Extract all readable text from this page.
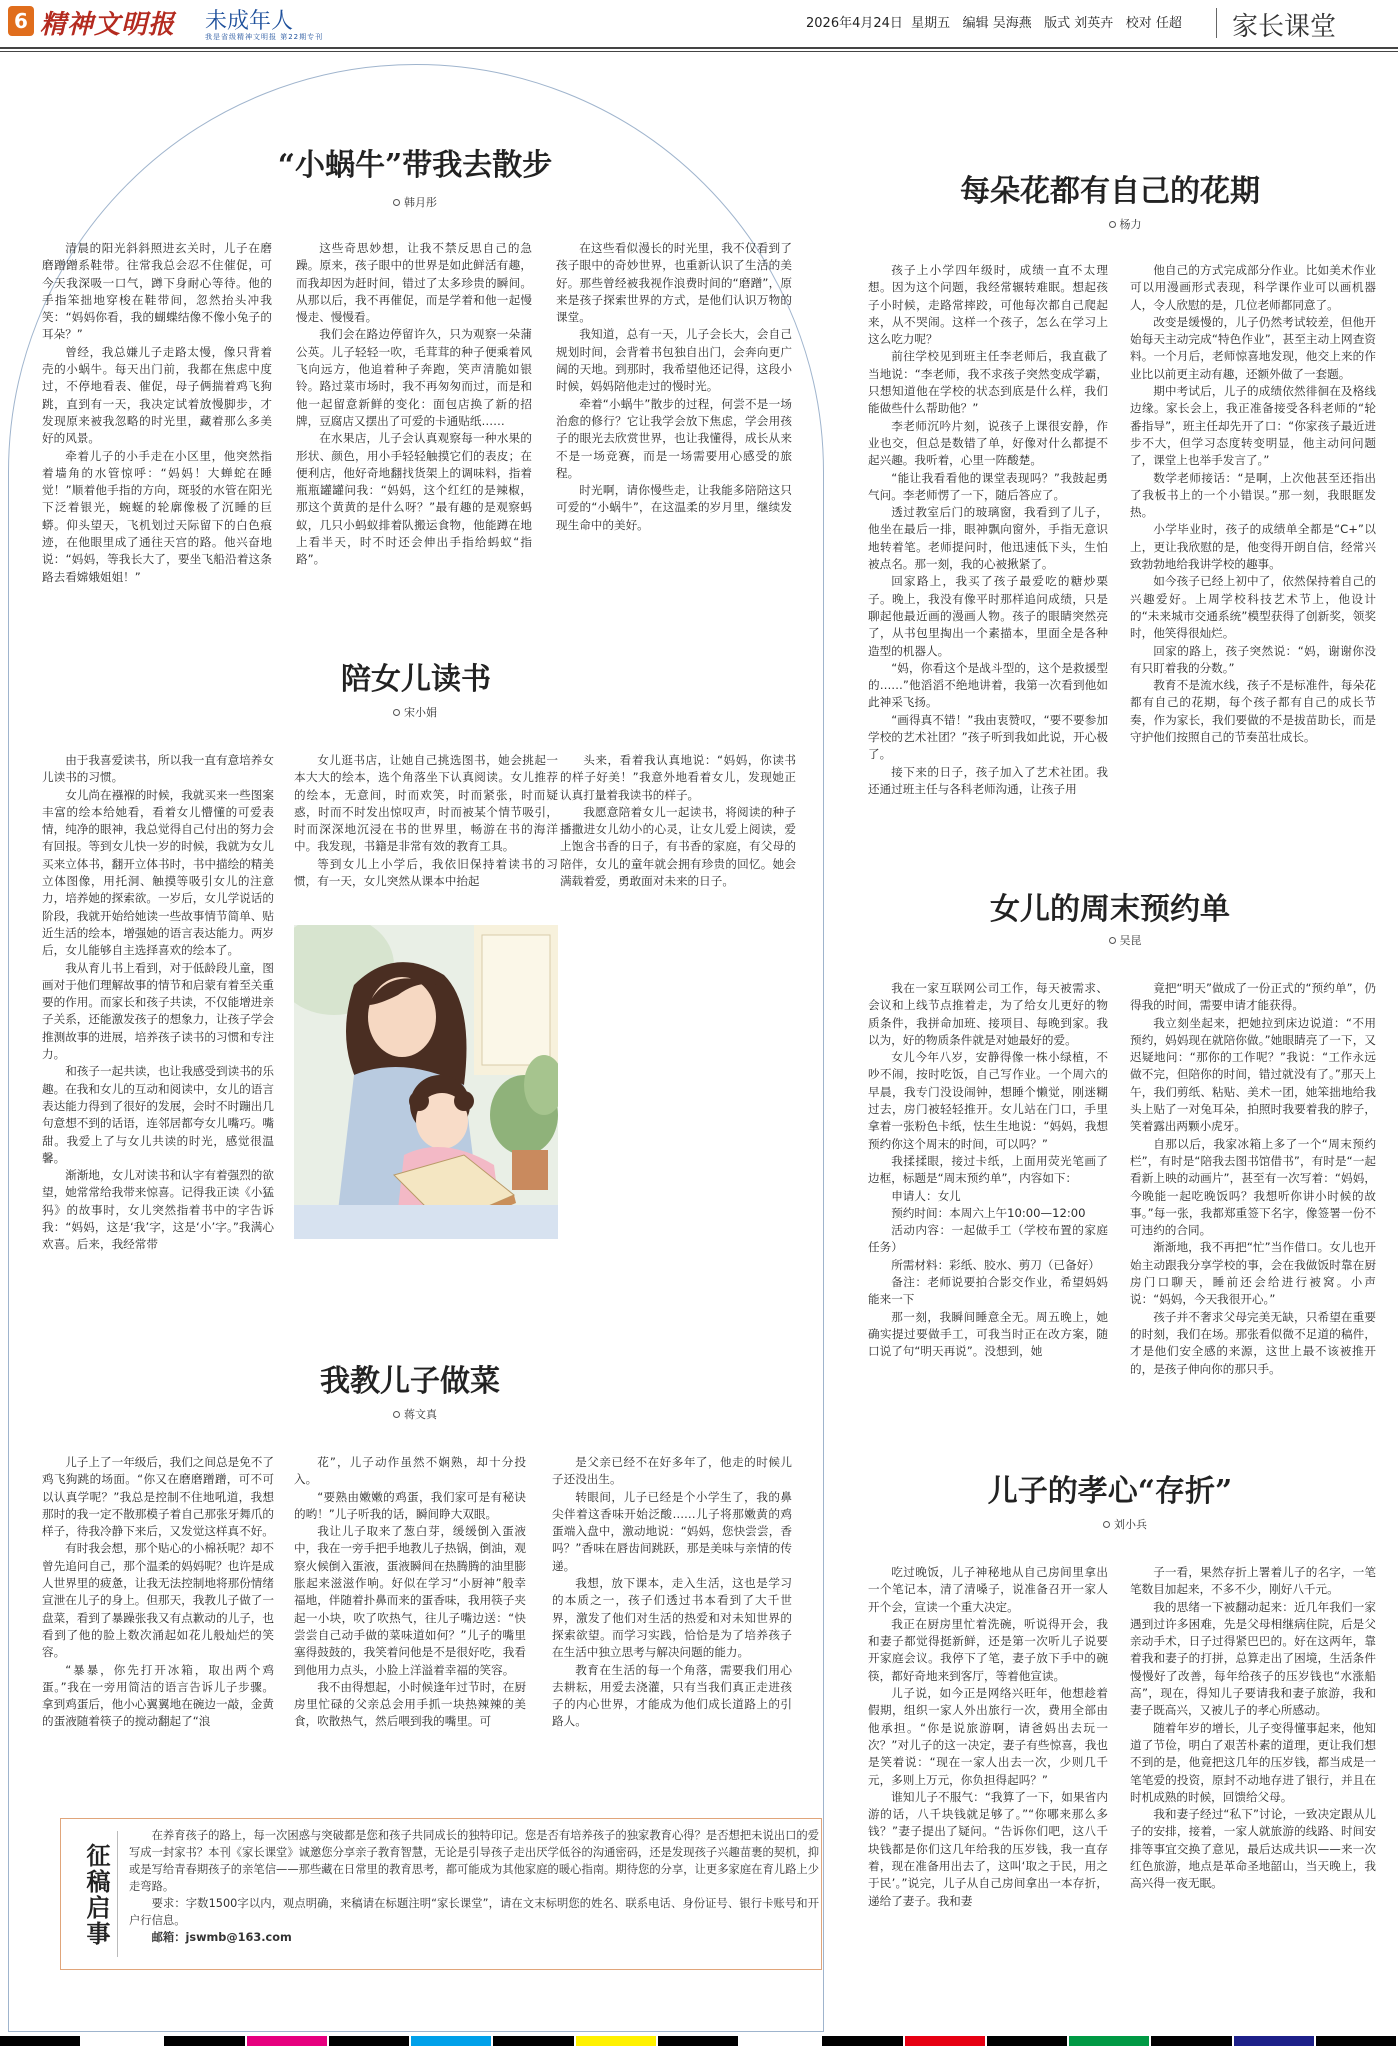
6 精神文明报 未成年人
我是省级精神文明报 第22期专刊
2026年4月24日 星期五 编辑 吴海燕 版式 刘英卉 校对 任超 家长课堂
“小蜗牛”带我去散步
韩月彤

清晨的阳光斜斜照进玄关时，儿子在磨磨蹭蹭系鞋带。往常我总会忍不住催促，可今天我深吸一口气，蹲下身耐心等待。他的手指笨拙地穿梭在鞋带间，忽然抬头冲我笑：“妈妈你看，我的蝴蝶结像不像小兔子的耳朵？”

曾经，我总嫌儿子走路太慢，像只背着壳的小蜗牛。每天出门前，我都在焦虑中度过，不停地看表、催促，母子俩揣着鸡飞狗跳，直到有一天，我决定试着放慢脚步，才发现原来被我忽略的时光里，藏着那么多美好的风景。

牵着儿子的小手走在小区里，他突然指着墙角的水管惊呼：“妈妈！大蝉蛇在睡觉！”顺着他手指的方向，斑驳的水管在阳光下泛着银光，蜿蜒的轮廓像极了沉睡的巨蟒。仰头望天，飞机划过天际留下的白色痕迹，在他眼里成了通往天宫的路。他兴奋地说：“妈妈，等我长大了，要坐飞船沿着这条路去看嫦娥姐姐！”

这些奇思妙想，让我不禁反思自己的急躁。原来，孩子眼中的世界是如此鲜活有趣，而我却因为赶时间，错过了太多珍贵的瞬间。从那以后，我不再催促，而是学着和他一起慢慢走、慢慢看。

我们会在路边停留许久，只为观察一朵蒲公英。儿子轻轻一吹，毛茸茸的种子便乘着风飞向远方，他追着种子奔跑，笑声清脆如银铃。路过菜市场时，我不再匆匆而过，而是和他一起留意新鲜的变化：面包店换了新的招牌，豆腐店又摆出了可爱的卡通贴纸……

在水果店，儿子会认真观察每一种水果的形状、颜色，用小手轻轻触摸它们的表皮；在便利店，他好奇地翻找货架上的调味料，指着瓶瓶罐罐问我：“妈妈，这个红红的是辣椒，那这个黄黄的是什么呀？”最有趣的是观察蚂蚁，几只小蚂蚁排着队搬运食物，他能蹲在地上看半天，时不时还会伸出手指给蚂蚁“指路”。

在这些看似漫长的时光里，我不仅看到了孩子眼中的奇妙世界，也重新认识了生活的美好。那些曾经被我视作浪费时间的“磨蹭”，原来是孩子探索世界的方式，是他们认识万物的课堂。

我知道，总有一天，儿子会长大，会自己规划时间，会背着书包独自出门，会奔向更广阔的天地。到那时，我希望他还记得，这段小时候，妈妈陪他走过的慢时光。

牵着“小蜗牛”散步的过程，何尝不是一场治愈的修行？它让我学会放下焦虑，学会用孩子的眼光去欣赏世界，也让我懂得，成长从来不是一场竞赛，而是一场需要用心感受的旅程。

时光啊，请你慢些走，让我能多陪陪这只可爱的“小蜗牛”，在这温柔的岁月里，继续发现生命中的美好。

陪女儿读书
宋小娟

由于我喜爱读书，所以我一直有意培养女儿读书的习惯。

女儿尚在襁褓的时候，我就买来一些图案丰富的绘本给她看，看着女儿懵懂的可爱表情，纯净的眼神，我总觉得自己付出的努力会有回报。等到女儿快一岁的时候，我就为女儿买来立体书，翻开立体书时，书中描绘的精美立体图像，用托洞、触摸等吸引女儿的注意力，培养她的探索欲。一岁后，女儿学说话的阶段，我就开始给她读一些故事情节简单、贴近生活的绘本，增强她的语言表达能力。两岁后，女儿能够自主选择喜欢的绘本了。

我从育儿书上看到，对于低龄段儿童，图画对于他们理解故事的情节和启蒙有着至关重要的作用。而家长和孩子共读，不仅能增进亲子关系，还能激发孩子的想象力，让孩子学会推测故事的进展，培养孩子读书的习惯和专注力。

和孩子一起共读，也让我感受到读书的乐趣。在我和女儿的互动和阅读中，女儿的语言表达能力得到了很好的发展，会时不时蹦出几句意想不到的话语，连邻居都夸女儿嘴巧。嘴甜。我爱上了与女儿共读的时光，感觉很温馨。

渐渐地，女儿对读书和认字有着强烈的欲望，她常常给我带来惊喜。记得我正读《小猛犸》的故事时，女儿突然指着书中的字告诉我：“妈妈，这是‘我’字，这是‘小’字。”我满心欢喜。后来，我经常带

女儿逛书店，让她自己挑选图书，她会挑起一本大大的绘本，选个角落坐下认真阅读。女儿推荐的绘本，无意间，时而欢笑，时而紧张，时而疑惑，时而不时发出惊叹声，时而被某个情节吸引，时而深深地沉浸在书的世界里，畅游在书的海洋中。我发现，书籍是非常有效的教育工具。

等到女儿上小学后，我依旧保持着读书的习惯，有一天，女儿突然从课本中抬起

头来，看着我认真地说：“妈妈，你读书的样子好美！”我意外地看着女儿，发现她正认真打量着我读书的样子。

我愿意陪着女儿一起读书，将阅读的种子播撒进女儿幼小的心灵，让女儿爱上阅读，爱上饱含书香的日子，有书香的家庭，有父母的陪伴，女儿的童年就会拥有珍贵的回忆。她会满载着爱，勇敢面对未来的日子。

我教儿子做菜
蒋文真

儿子上了一年级后，我们之间总是免不了鸡飞狗跳的场面。“你又在磨磨蹭蹭，可不可以认真学呢？”我总是控制不住地吼道，我想那时的我一定不散那模子着自己那张牙舞爪的样子，待我冷静下来后，又发觉这样真不好。

有时我会想，那个贴心的小棉袄呢？却不曾先追问自己，那个温柔的妈妈呢？也许是成人世界里的疲惫，让我无法控制地将那份情绪宣泄在儿子的身上。但那天，我教儿子做了一盘菜，看到了暴躁张我又有点歉动的儿子，也看到了他的脸上数次涌起如花儿般灿烂的笑容。

“暴暴，你先打开冰箱，取出两个鸡蛋。”我在一旁用简洁的语言告诉儿子步骤。拿到鸡蛋后，他小心翼翼地在碗边一敲，金黄的蛋液随着筷子的搅动翻起了“浪

花”，儿子动作虽然不娴熟，却十分投入。

“要熟由嫩嫩的鸡蛋，我们家可是有秘诀的哟！”儿子听我的话，瞬间睁大双眼。

我让儿子取来了葱白芽，缓缓倒入蛋液中，我在一旁手把手地教儿子热锅，倒油，观察火候倒入蛋液，蛋液瞬间在热腾腾的油里膨胀起来滋滋作响。好似在学习“小厨神”般幸福地，伴随着扑鼻而来的蛋香味，我用筷子夹起一小块，吹了吹热气，往儿子嘴边送：“快尝尝自己动手做的菜味道如何？”儿子的嘴里塞得鼓鼓的，我笑着问他是不是很好吃，我看到他用力点头，小脸上洋溢着幸福的笑容。

我不由得想起，小时候逢年过节时，在厨房里忙碌的父亲总会用手抓一块热辣辣的美食，吹散热气，然后喂到我的嘴里。可

是父亲已经不在好多年了，他走的时候儿子还没出生。

转眼间，儿子已经是个小学生了，我的鼻尖伴着这香味开始泛酸……儿子将那嫩黄的鸡蛋端入盘中，激动地说：“妈妈，您快尝尝，香吗？”香味在唇齿间跳跃，那是美味与亲情的传递。

我想，放下课本，走入生活，这也是学习的本质之一，孩子们透过书本看到了大千世界，激发了他们对生活的热爱和对未知世界的探索欲望。而学习实践，恰恰是为了培养孩子在生活中独立思考与解决问题的能力。

教育在生活的每一个角落，需要我们用心去耕耘，用爱去浇灌，只有当我们真正走进孩子的内心世界，才能成为他们成长道路上的引路人。

征稿启事

在养育孩子的路上，每一次困惑与突破都是您和孩子共同成长的独特印记。您是否有培养孩子的独家教育心得？是否想把未说出口的爱写成一封家书？本刊《家长课堂》诚邀您分享亲子教育智慧，无论是引导孩子走出厌学低谷的沟通密码，还是发现孩子兴趣苗裹的契机，抑或是写给青春期孩子的亲笔信——那些藏在日常里的教育思考，都可能成为其他家庭的暖心指南。期待您的分享，让更多家庭在育儿路上少走弯路。

要求：字数1500字以内，观点明确，来稿请在标题注明“家长课堂”，请在文末标明您的姓名、联系电话、身份证号、银行卡账号和开户行信息。

邮箱：jswmb@163.com

每朵花都有自己的花期
杨力

孩子上小学四年级时，成绩一直不太理想。因为这个问题，我经常辗转难眠。想起孩子小时候，走路常摔跤，可他每次都自己爬起来，从不哭闹。这样一个孩子，怎么在学习上这么吃力呢？

前往学校见到班主任李老师后，我直截了当地说：“李老师，我不求孩子突然变成学霸，只想知道他在学校的状态到底是什么样，我们能做些什么帮助他？”

李老师沉吟片刻，说孩子上课很安静，作业也交，但总是数错了单，好像对什么都提不起兴趣。我听着，心里一阵酸楚。

“能让我看看他的课堂表现吗？”我鼓起勇气问。李老师愣了一下，随后答应了。

透过教室后门的玻璃窗，我看到了儿子，他坐在最后一排，眼神飘向窗外，手指无意识地转着笔。老师提问时，他迅速低下头，生怕被点名。那一刻，我的心被揪紧了。

回家路上，我买了孩子最爱吃的糖炒栗子。晚上，我没有像平时那样追问成绩，只是聊起他最近画的漫画人物。孩子的眼睛突然亮了，从书包里掏出一个素描本，里面全是各种造型的机器人。

“妈，你看这个是战斗型的，这个是救援型的……”他滔滔不绝地讲着，我第一次看到他如此神采飞扬。

“画得真不错！”我由衷赞叹，“要不要参加学校的艺术社团？”孩子听到我如此说，开心极了。

接下来的日子，孩子加入了艺术社团。我还通过班主任与各科老师沟通，让孩子用

他自己的方式完成部分作业。比如美术作业可以用漫画形式表现，科学课作业可以画机器人，令人欣慰的是，几位老师都同意了。

改变是缓慢的，儿子仍然考试较差，但他开始每天主动完成“特色作业”，甚至主动上网查资料。一个月后，老师惊喜地发现，他交上来的作业比以前更主动有趣，还额外做了一套题。

期中考试后，儿子的成绩依然徘徊在及格线边缘。家长会上，我正准备接受各科老师的“轮番指导”，班主任却先开了口：“你家孩子最近进步不大，但学习态度转变明显，他主动问问题了，课堂上也举手发言了。”

数学老师接话：“是啊，上次他甚至还指出了我板书上的一个小错误。”那一刻，我眼眶发热。

小学毕业时，孩子的成绩单全都是“C+”以上，更让我欣慰的是，他变得开朗自信，经常兴致勃勃地给我讲学校的趣事。

如今孩子已经上初中了，依然保持着自己的兴趣爱好。上周学校科技艺术节上，他设计的“未来城市交通系统”模型获得了创新奖，领奖时，他笑得很灿烂。

回家的路上，孩子突然说：“妈，谢谢你没有只盯着我的分数。”

教育不是流水线，孩子不是标准件，每朵花都有自己的花期，每个孩子都有自己的成长节奏，作为家长，我们要做的不是拔苗助长，而是守护他们按照自己的节奏茁壮成长。

女儿的周末预约单
吴昆

我在一家互联网公司工作，每天被需求、会议和上线节点推着走，为了给女儿更好的物质条件，我拼命加班、接项目、每晚到家。我以为，好的物质条件就是对她最好的爱。

女儿今年八岁，安静得像一株小绿植，不吵不闹，按时吃饭，自己写作业。一个周六的早晨，我专门没设闹钟，想睡个懒觉，刚迷糊过去，房门被轻轻推开。女儿站在门口，手里拿着一张粉色卡纸，怯生生地说：“妈妈，我想预约你这个周末的时间，可以吗？”

我揉揉眼，接过卡纸，上面用荧光笔画了边框，标题是“周末预约单”，内容如下：

申请人：女儿

预约时间：本周六上午10:00—12:00

活动内容：一起做手工（学校布置的家庭任务）

所需材料：彩纸、胶水、剪刀（已备好）

备注：老师说要拍合影交作业，希望妈妈能来一下

那一刻，我瞬间睡意全无。周五晚上，她确实提过要做手工，可我当时正在改方案，随口说了句“明天再说”。没想到，她

竟把“明天”做成了一份正式的“预约单”，仍得我的时间，需要申请才能获得。

我立刻坐起来，把她拉到床边说道：“不用预约，妈妈现在就陪你做。”她眼睛亮了一下，又迟疑地问：“那你的工作呢？”我说：“工作永远做不完，但陪你的时间，错过就没有了。”那天上午，我们剪纸、粘贴、美术一团，她笨拙地给我头上贴了一对兔耳朵，拍照时我要着我的脖子，笑着露出两颗小虎牙。

自那以后，我家冰箱上多了一个“周末预约栏”，有时是“陪我去图书馆借书”，有时是“一起看新上映的动画片”，甚至有一次写着：“妈妈，今晚能一起吃晚饭吗？我想听你讲小时候的故事。”每一张，我都郑重签下名字，像签署一份不可违约的合同。

渐渐地，我不再把“忙”当作借口。女儿也开始主动跟我分享学校的事，会在我做饭时靠在厨房门口聊天，睡前还会给进行被窝。小声说：“妈妈，今天我很开心。”

孩子并不奢求父母完美无缺，只希望在重要的时刻，我们在场。那张看似微不足道的稿件，才是他们安全感的来源，这世上最不该被推开的，是孩子伸向你的那只手。

儿子的孝心“存折”
刘小兵

吃过晚饭，儿子神秘地从自己房间里拿出一个笔记本，清了清嗓子，说准备召开一家人开个会，宣读一个重大决定。

我正在厨房里忙着洗碗，听说得开会，我和妻子都觉得挺新鲜，还是第一次听儿子说要开家庭会议。我停下了笔，妻子放下手中的碗筷，都好奇地来到客厅，等着他宣读。

儿子说，如今正是网络兴旺年，他想趁着假期，组织一家人外出旅行一次，费用全部由他承担。“你是说旅游啊，请爸妈出去玩一次？”对儿子的这一决定，妻子有些惊喜，我也是笑着说：“现在一家人出去一次，少则几千元，多则上万元，你负担得起吗？”

谁知儿子不服气：“我算了一下，如果省内游的话，八千块钱就足够了。”“你哪来那么多钱？”妻子提出了疑问。“告诉你们吧，这八千块钱都是你们这几年给我的压岁钱，我一直存着，现在准备用出去了，这叫‘取之于民，用之于民’。”说完，儿子从自己房间拿出一本存折，递给了妻子。我和妻

子一看，果然存折上署着儿子的名字，一笔笔数目加起来，不多不少，刚好八千元。

我的思绪一下被翻动起来：近几年我们一家遇到过许多困难，先是父母相继病住院，后是父亲动手术，日子过得紧巴巴的。好在这两年，靠着我和妻子的打拼，总算走出了困境，生活条件慢慢好了改善，每年给孩子的压岁钱也“水涨船高”，现在，得知儿子要请我和妻子旅游，我和妻子既高兴，又被儿子的孝心所感动。

随着年岁的增长，儿子变得懂事起来，他知道了节俭，明白了艰苦朴素的道理，更让我们想不到的是，他竟把这几年的压岁钱，都当成是一笔笔爱的投资，原封不动地存进了银行，并且在时机成熟的时候，回馈给父母。

我和妻子经过“私下”讨论，一致决定跟从儿子的安排，接着，一家人就旅游的线路、时间安排等事宜交换了意见，最后达成共识——来一次红色旅游，地点是革命圣地韶山，当天晚上，我高兴得一夜无眠。
